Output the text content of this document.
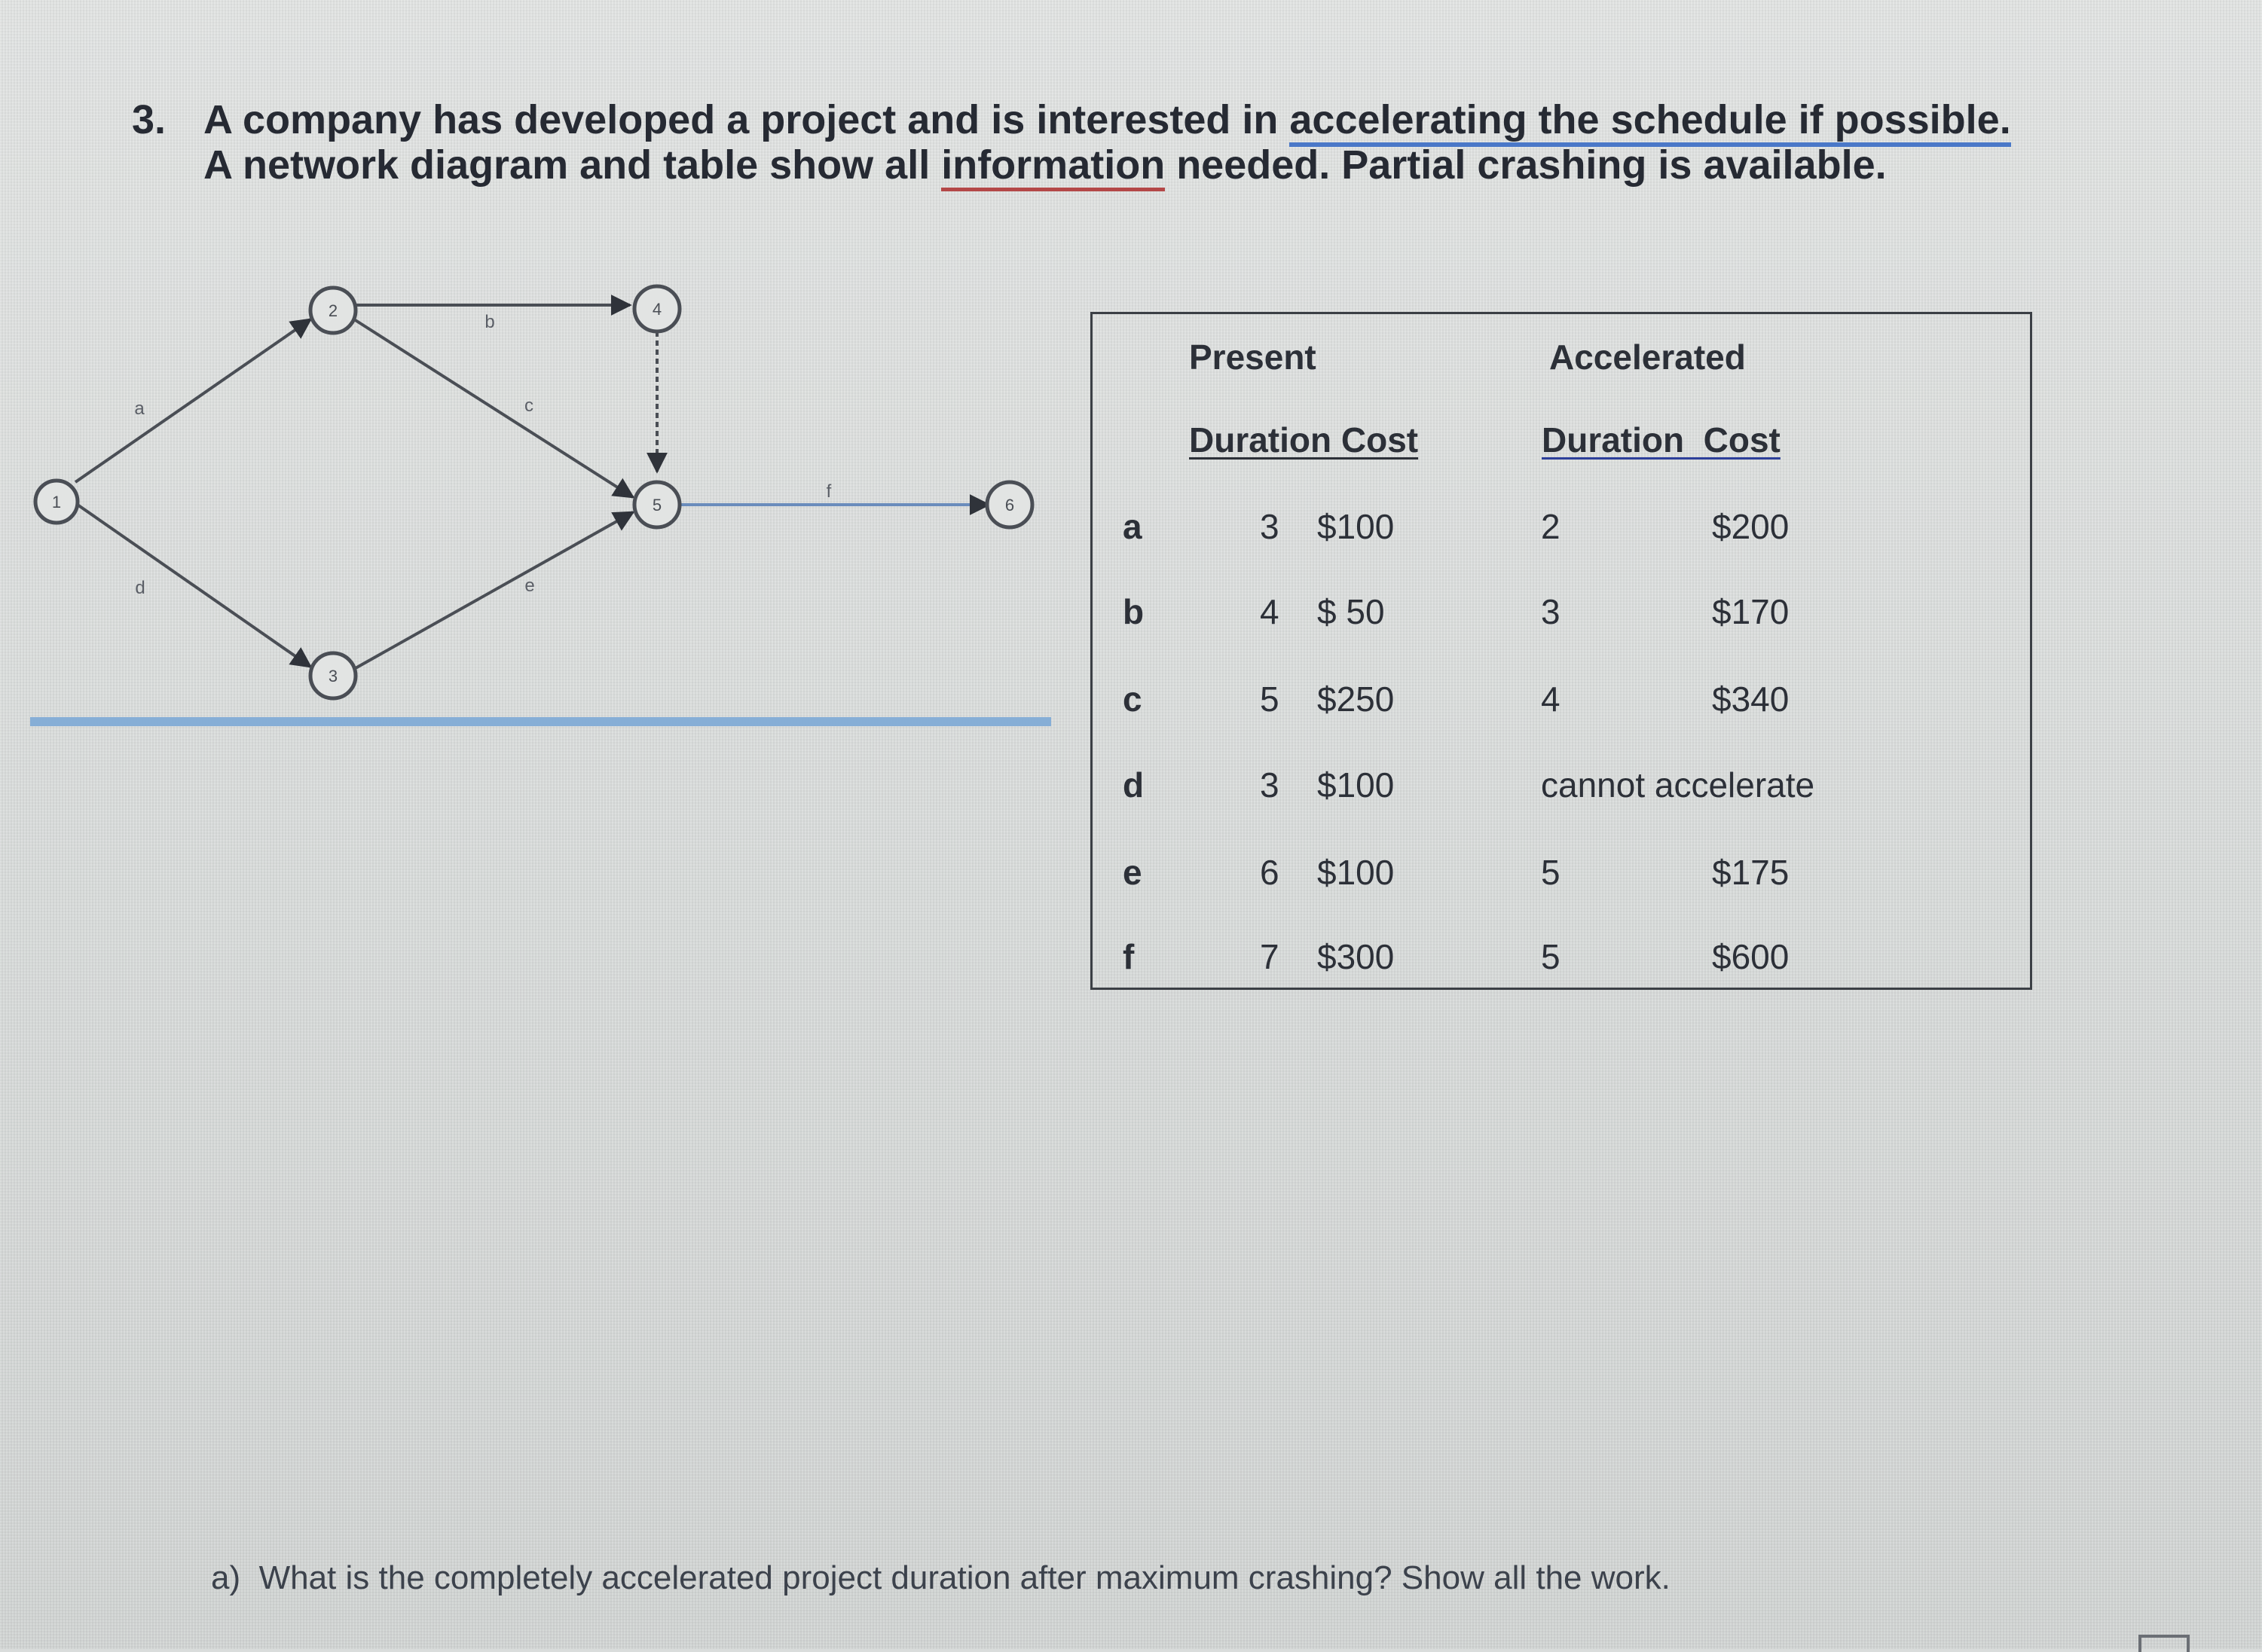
3. A company has developed a project and is interested in accelerating the schedule if possible.
A network diagram and table show all information needed. Partial crashing is available.
1
2
3
4
5	6
a
b
c
d	e
f
Present	Accelerated
Duration Cost	Duration  Cost
a	3 $100	2	$200
b	4 $ 50	3	$170
c	5 $250	4	$340
d	3 $100	cannot accelerate
e	6 $100	5	$175
f	7 $300	5	$600
a)  What is the completely accelerated project duration after maximum crashing? Show all the work.
